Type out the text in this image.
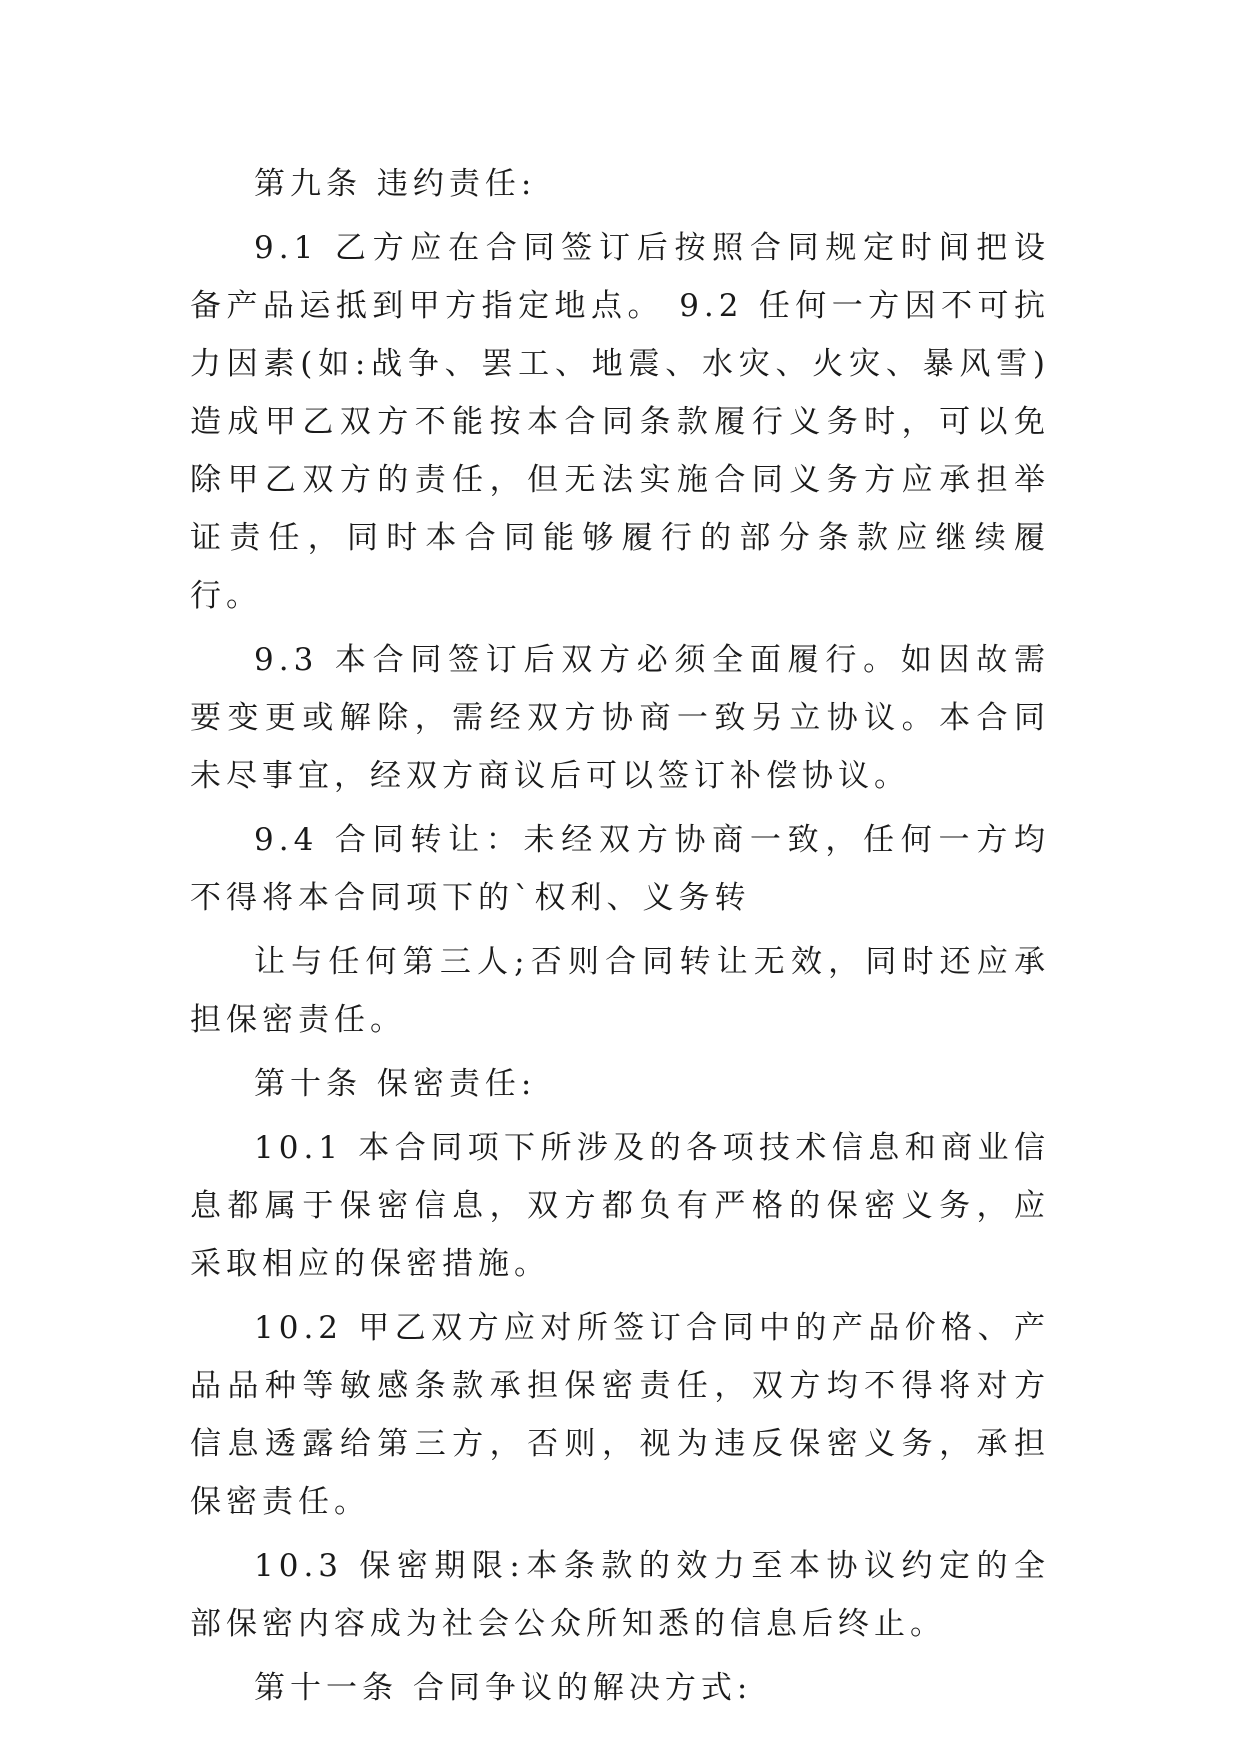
第九条 违约责任:

9.1 乙方应在合同签订后按照合同规定时间把设备产品运抵到甲方指定地点。 9.2 任何一方因不可抗力因素(如:战争、罢工、地震、水灾、火灾、暴风雪)造成甲乙双方不能按本合同条款履行义务时，可以免除甲乙双方的责任，但无法实施合同义务方应承担举证责任，同时本合同能够履行的部分条款应继续履行。

9.3 本合同签订后双方必须全面履行。如因故需要变更或解除，需经双方协商一致另立协议。本合同未尽事宜，经双方商议后可以签订补偿协议。

9.4 合同转让：未经双方协商一致，任何一方均不得将本合同项下的`权利、义务转

让与任何第三人;否则合同转让无效，同时还应承担保密责任。

第十条 保密责任:

10.1 本合同项下所涉及的各项技术信息和商业信息都属于保密信息，双方都负有严格的保密义务，应采取相应的保密措施。

10.2 甲乙双方应对所签订合同中的产品价格、产品品种等敏感条款承担保密责任，双方均不得将对方信息透露给第三方，否则，视为违反保密义务，承担保密责任。

10.3 保密期限:本条款的效力至本协议约定的全部保密内容成为社会公众所知悉的信息后终止。

第十一条 合同争议的解决方式:
